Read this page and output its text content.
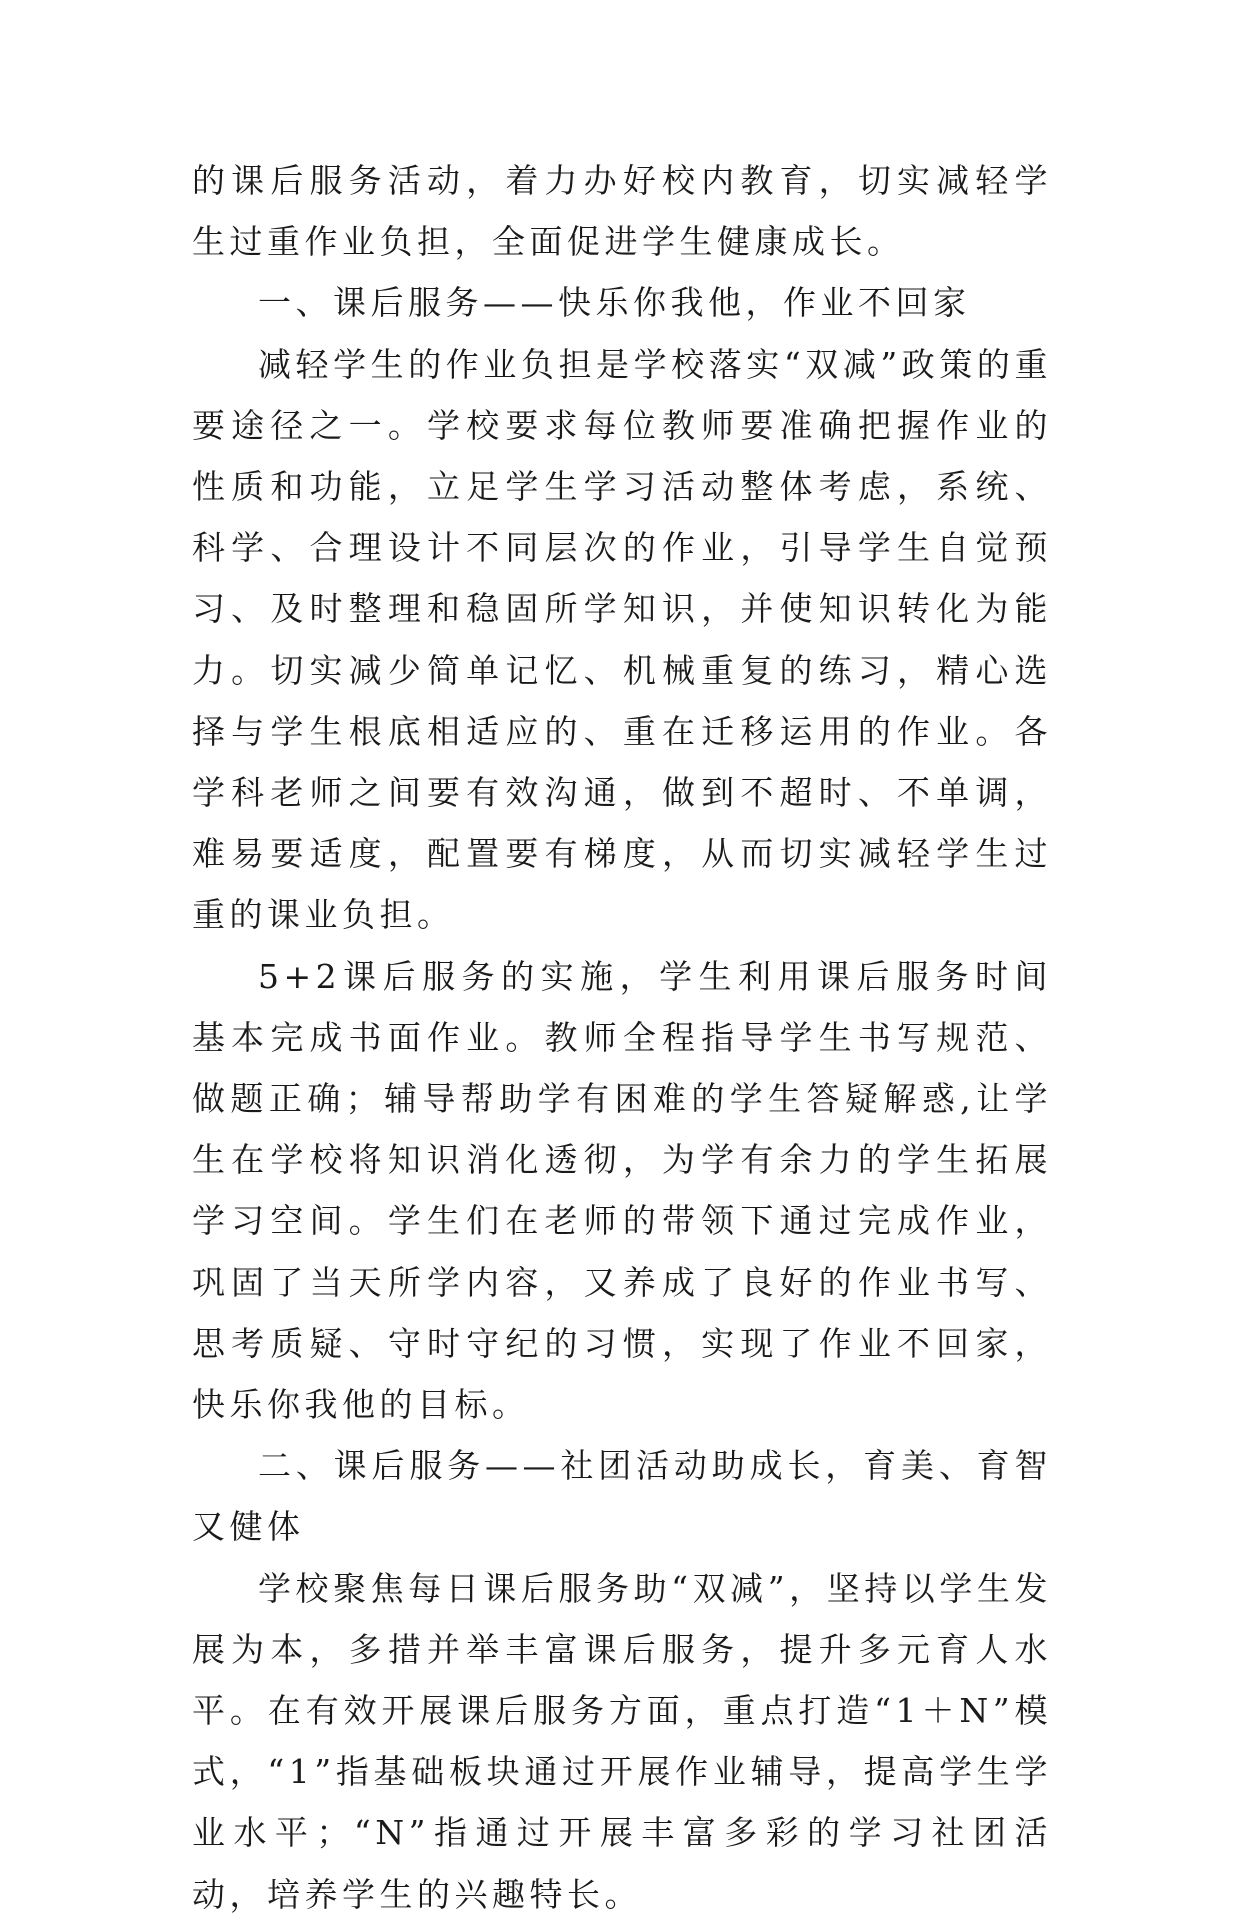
的课后服务活动，着力办好校内教育，切实减轻学生过重作业负担，全面促进学生健康成长。

一、课后服务——快乐你我他，作业不回家

减轻学生的作业负担是学校落实“双减”政策的重要途径之一。学校要求每位教师要准确把握作业的性质和功能，立足学生学习活动整体考虑，系统、科学、合理设计不同层次的作业，引导学生自觉预习、及时整理和稳固所学知识，并使知识转化为能力。切实减少简单记忆、机械重复的练习，精心选择与学生根底相适应的、重在迁移运用的作业。各学科老师之间要有效沟通，做到不超时、不单调，难易要适度，配置要有梯度，从而切实减轻学生过重的课业负担。

5+2课后服务的实施，学生利用课后服务时间基本完成书面作业。教师全程指导学生书写规范、做题正确；辅导帮助学有困难的学生答疑解惑,让学生在学校将知识消化透彻，为学有余力的学生拓展学习空间。学生们在老师的带领下通过完成作业，巩固了当天所学内容，又养成了良好的作业书写、思考质疑、守时守纪的习惯，实现了作业不回家，快乐你我他的目标。

二、课后服务——社团活动助成长，育美、育智又健体

学校聚焦每日课后服务助“双减”，坚持以学生发展为本，多措并举丰富课后服务，提升多元育人水平。在有效开展课后服务方面，重点打造“1＋N”模式，“1”指基础板块通过开展作业辅导，提高学生学业水平；“N”指通过开展丰富多彩的学习社团活动，培养学生的兴趣特长。
